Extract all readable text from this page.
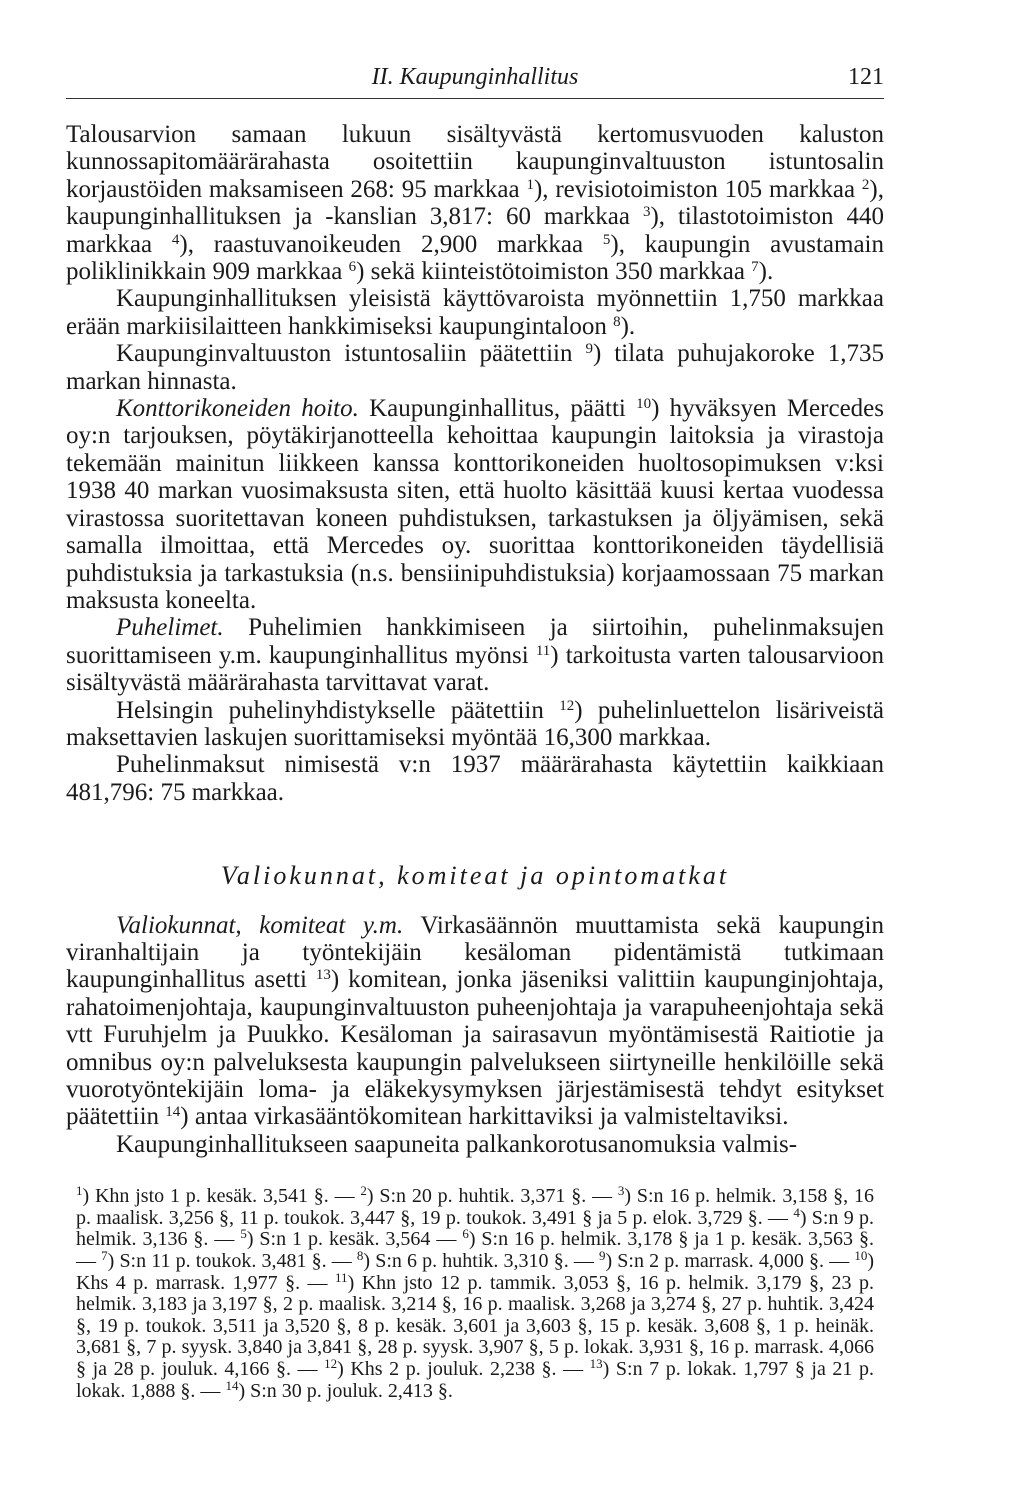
II. Kaupunginhallitus	121

Talousarvion samaan lukuun sisältyvästä kertomusvuoden kaluston kunnossapitomäärärahasta osoitettiin kaupunginvaltuuston istuntosalin korjaustöiden maksamiseen 268: 95 markkaa $^1$), revisiotoimiston 105 markkaa $^2$), kaupunginhallituksen ja -kanslian 3,817: 60 markkaa $^3$), tilastotoimiston 440 markkaa $^4$), raastuvanoikeuden 2,900 markkaa $^5$), kaupungin avustamain poliklinikkain 909 markkaa $^6$) sekä kiinteistötoimiston 350 markkaa $^7$).

Kaupunginhallituksen yleisistä käyttövaroista myönnettiin 1,750 markkaa erään markiisilaitteen hankkimiseksi kaupungintaloon $^8$).

Kaupunginvaltuuston istuntosaliin päätettiin $^9$) tilata puhujakoroke 1,735 markan hinnasta.

Konttorikoneiden hoito. Kaupunginhallitus, päätti $^{10}$) hyväksyen Mercedes oy:n tarjouksen, pöytäkirjanotteella kehoittaa kaupungin laitoksia ja virastoja tekemään mainitun liikkeen kanssa konttorikoneiden huoltosopimuksen v:ksi 1938 40 markan vuosimaksusta siten, että huolto käsittää kuusi kertaa vuodessa virastossa suoritettavan koneen puhdistuksen, tarkastuksen ja öljyämisen, sekä samalla ilmoittaa, että Mercedes oy. suorittaa konttorikoneiden täydellisiä puhdistuksia ja tarkastuksia (n.s. bensiinipuhdistuksia) korjaamossaan 75 markan maksusta koneelta.

Puhelimet. Puhelimien hankkimiseen ja siirtoihin, puhelinmaksujen suorittamiseen y.m. kaupunginhallitus myönsi $^{11}$) tarkoitusta varten talousarvioon sisältyvästä määrärahasta tarvittavat varat.

Helsingin puhelinyhdistykselle päätettiin $^{12}$) puhelinluettelon lisäriveistä maksettavien laskujen suorittamiseksi myöntää 16,300 markkaa.

Puhelinmaksut nimisestä v:n 1937 määrärahasta käytettiin kaikkiaan 481,796: 75 markkaa.

Valiokunnat, komiteat ja opintomatkat

Valiokunnat, komiteat y.m. Virkasäännön muuttamista sekä kaupungin viranhaltijain ja työntekijäin kesäloman pidentämistä tutkimaan kaupunginhallitus asetti $^{13}$) komitean, jonka jäseniksi valittiin kaupunginjohtaja, rahatoimenjohtaja, kaupunginvaltuuston puheenjohtaja ja varapuheenjohtaja sekä vtt Furuhjelm ja Puukko. Kesäloman ja sairasavun myöntämisestä Raitiotie ja omnibus oy:n palveluksesta kaupungin palvelukseen siirtyneille henkilöille sekä vuorotyöntekijäin loma- ja eläkekysymyksen järjestämisestä tehdyt esitykset päätettiin $^{14}$) antaa virkasääntökomitean harkittaviksi ja valmisteltaviksi.

Kaupunginhallitukseen saapuneita palkankorotusanomuksia valmis-

$^1$) Khn jsto 1 p. kesäk. 3,541 §. — $^2$) S:n 20 p. huhtik. 3,371 §. — $^3$) S:n 16 p. helmik. 3,158 §, 16 p. maalisk. 3,256 §, 11 p. toukok. 3,447 §, 19 p. toukok. 3,491 § ja 5 p. elok. 3,729 §. — $^4$) S:n 9 p. helmik. 3,136 §. — $^5$) S:n 1 p. kesäk. 3,564 — $^6$) S:n 16 p. helmik. 3,178 § ja 1 p. kesäk. 3,563 §. — $^7$) S:n 11 p. toukok. 3,481 §. — $^8$) S:n 6 p. huhtik. 3,310 §. — $^9$) S:n 2 p. marrask. 4,000 §. — $^{10}$) Khs 4 p. marrask. 1,977 §. — $^{11}$) Khn jsto 12 p. tammik. 3,053 §, 16 p. helmik. 3,179 §, 23 p. helmik. 3,183 ja 3,197 §, 2 p. maalisk. 3,214 §, 16 p. maalisk. 3,268 ja 3,274 §, 27 p. huhtik. 3,424 §, 19 p. toukok. 3,511 ja 3,520 §, 8 p. kesäk. 3,601 ja 3,603 §, 15 p. kesäk. 3,608 §, 1 p. heinäk. 3,681 §, 7 p. syysk. 3,840 ja 3,841 §, 28 p. syysk. 3,907 §, 5 p. lokak. 3,931 §, 16 p. marrask. 4,066 § ja 28 p. jouluk. 4,166 §. — $^{12}$) Khs 2 p. jouluk. 2,238 §. — $^{13}$) S:n 7 p. lokak. 1,797 § ja 21 p. lokak. 1,888 §. — $^{14}$) S:n 30 p. jouluk. 2,413 §.
